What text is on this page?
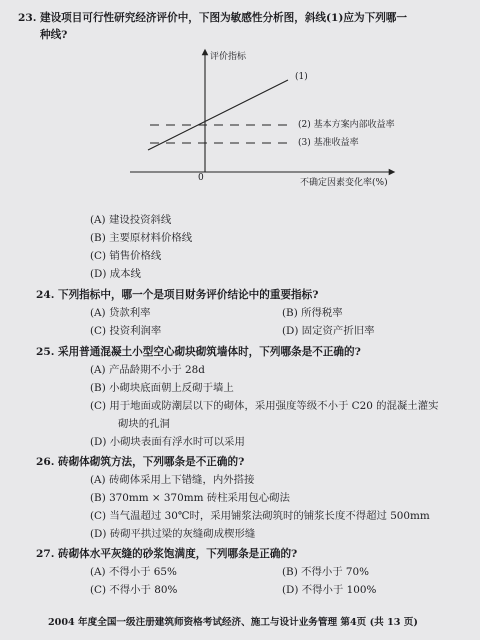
23. 建设项目可行性研究经济评价中，下图为敏感性分析图，斜线(1)应为下列哪一
种线?
评价指标
(1)
(2) 基本方案内部收益率
(3) 基准收益率
0	不确定因素变化率(%)
(A) 建设投资斜线
(B) 主要原材料价格线
(C) 销售价格线
(D) 成本线
24. 下列指标中，哪一个是项目财务评价结论中的重要指标?
(A) 贷款利率	(B) 所得税率
(C) 投资利润率	(D) 固定资产折旧率
25. 采用普通混凝土小型空心砌块砌筑墙体时，下列哪条是不正确的?
(A) 产品龄期不小于 28d
(B) 小砌块底面朝上反砌于墙上
(C) 用于地面或防潮层以下的砌体，采用强度等级不小于 C20 的混凝土灌实
砌块的孔洞
(D) 小砌块表面有浮水时可以采用
26. 砖砌体砌筑方法，下列哪条是不正确的?
(A) 砖砌体采用上下错缝，内外搭接
(B) 370mm × 370mm 砖柱采用包心砌法
(C) 当气温超过 30℃时，采用铺浆法砌筑时的铺浆长度不得超过 500mm
(D) 砖砌平拱过梁的灰缝砌成楔形缝
27. 砖砌体水平灰缝的砂浆饱满度，下列哪条是正确的?
(A) 不得小于 65%	(B) 不得小于 70%
(C) 不得小于 80%	(D) 不得小于 100%
2004 年度全国一级注册建筑师资格考试经济、施工与设计业务管理 第4页 (共 13 页)
